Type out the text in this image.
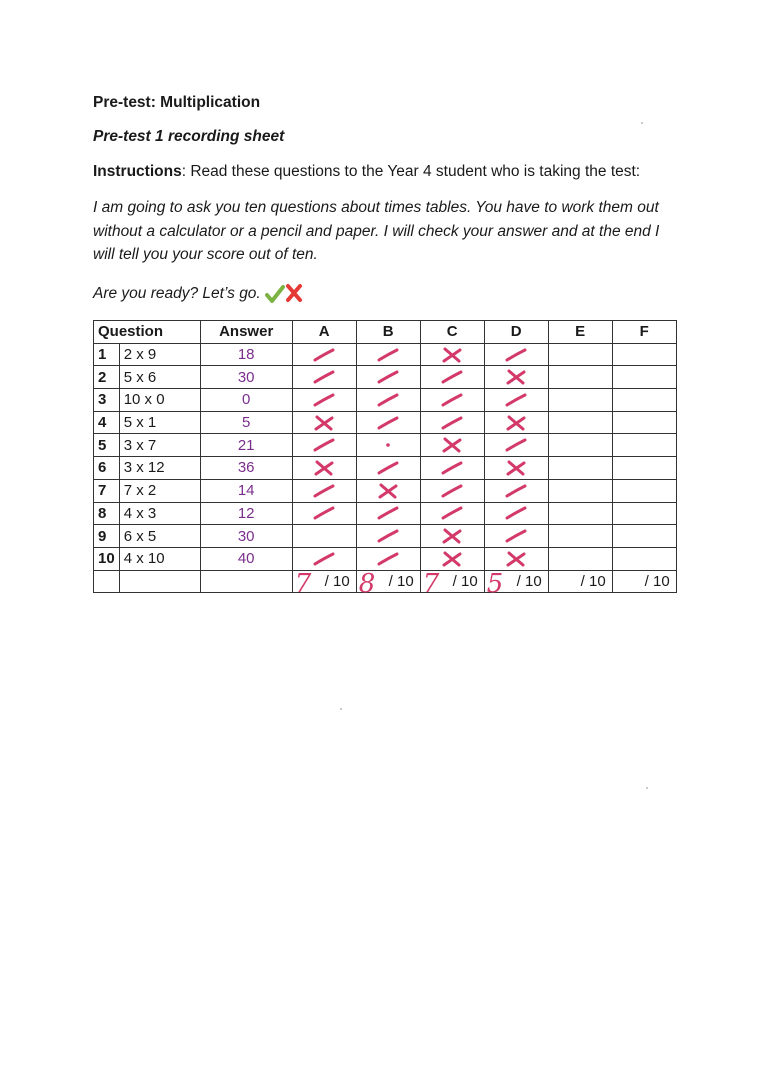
Pre-test: Multiplication
Pre-test 1 recording sheet
Instructions: Read these questions to the Year 4 student who is taking the test:
I am going to ask you ten questions about times tables. You have to work them out without a calculator or a pencil and paper. I will check your answer and at the end I will tell you your score out of ten.
Are you ready? Let’s go.
Question		Answer	A	B	C	D	E	F
1	2 x 9	18	

2	5 x 6	30	

3	10 x 0	0	

4	5 x 1	5	

5	3 x 7	21	

6	3 x 12	36	

7	7 x 2	14	

8	4 x 3	12	

9	6 x 5	30		

10	4 x 10	40	

			7 / 10	8 / 10	7 / 10	5 / 10	/ 10	/ 10
